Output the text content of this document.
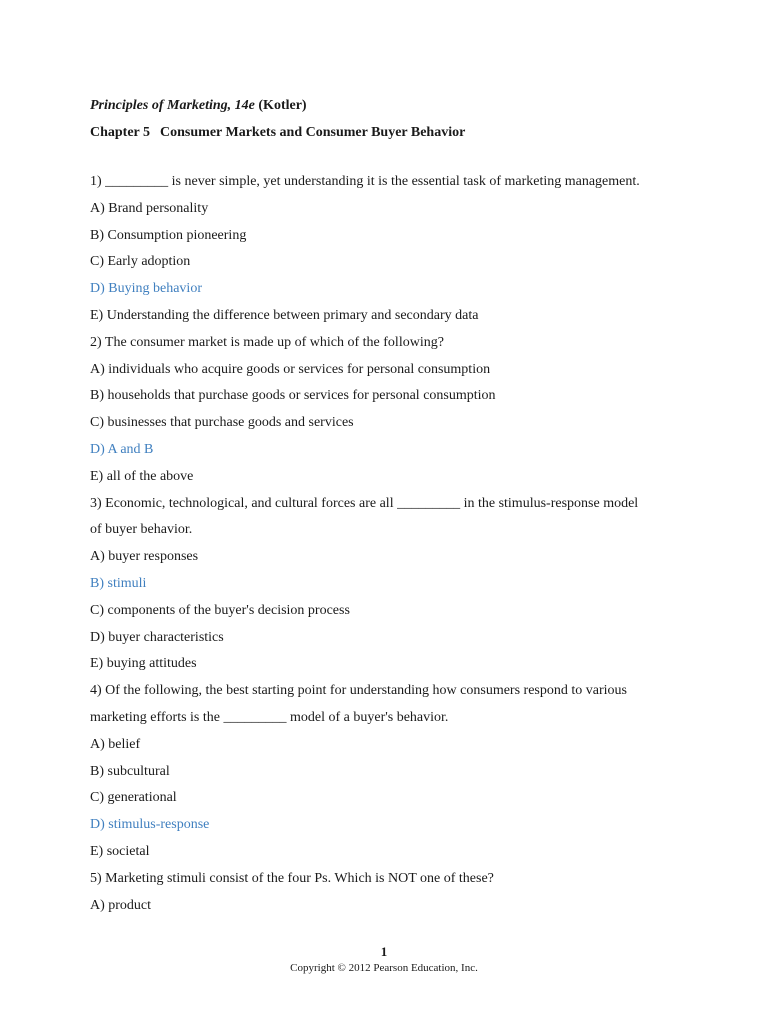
Principles of Marketing, 14e (Kotler)
Chapter 5 Consumer Markets and Consumer Buyer Behavior
1) _________ is never simple, yet understanding it is the essential task of marketing management.
A) Brand personality
B) Consumption pioneering
C) Early adoption
D) Buying behavior
E) Understanding the difference between primary and secondary data
2) The consumer market is made up of which of the following?
A) individuals who acquire goods or services for personal consumption
B) households that purchase goods or services for personal consumption
C) businesses that purchase goods and services
D) A and B
E) all of the above
3) Economic, technological, and cultural forces are all _________ in the stimulus-response model
of buyer behavior.
A) buyer responses
B) stimuli
C) components of the buyer's decision process
D) buyer characteristics
E) buying attitudes
4) Of the following, the best starting point for understanding how consumers respond to various
marketing efforts is the _________ model of a buyer's behavior.
A) belief
B) subcultural
C) generational
D) stimulus-response
E) societal
5) Marketing stimuli consist of the four Ps. Which is NOT one of these?
A) product
1
Copyright © 2012 Pearson Education, Inc.
